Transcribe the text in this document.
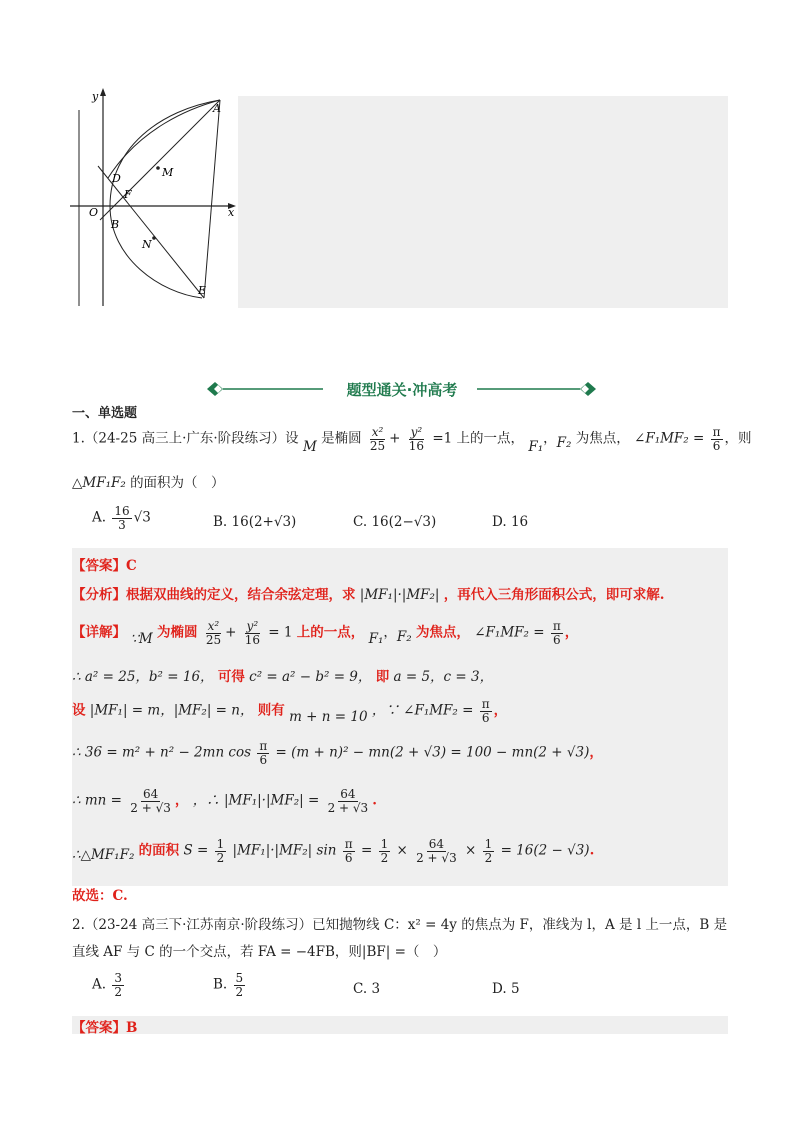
y
x
O
A
D
F
M
B
N
E
题型通关·冲高考
一、单选题
1.（24-25 高三上·广东·阶段练习）设 M 是椭圆 $\frac{\text{x²}}{25} + \frac{\text{y²}}{16} =1$ 上的一点， F₁，F₂ 为焦点， ∠F₁MF₂ = $\frac{\pi}{6}$ ，则
△MF₁F₂ 的面积为（　）
A. $\frac{16}{3} √3$	B. 16(2+√3)	C. 16(2−√3)	D. 16
【答案】C
【分析】根据双曲线的定义，结合余弦定理，求 |MF₁|·|MF₂| ，再代入三角形面积公式，即可求解.
【详解】 ∵M 为椭圆 $\frac{\text{x²}}{25} + \frac{\text{y²}}{16} = 1$ 上的一点， F₁，F₂ 为焦点， ∠F₁MF₂ = $\frac{\pi}{6}$ ，
∴ a² = 25，b² = 16， 可得 c² = a² − b² = 9， 即 a = 5，c = 3，
设 |MF₁| = m，|MF₂| = n， 则有 m + n = 10 ，∵ ∠F₁MF₂ = $\frac{\pi}{6}$ ，
∴ 36 = m² + n² − 2mn $\cos \frac{\pi}{6} = (m + n)^2 - mn(2 + √3) = 100 - mn(2 + √3)$，
∴ mn = $\frac{64}{2 + √3}$ ， ，∴ $|MF_1|\cdot|MF_2| = \frac{64}{2 + √3}$ .
∴△MF₁F₂ 的面积 $S = \frac{1}{2} |MF_1|\cdot|MF_2|$ $\sin \frac{\pi}{6} = \frac{1}{2} \times \frac{64}{2 + √3} \times \frac{1}{2} = 16(2 - √3)$.
故选：C.
2.（23-24 高三下·江苏南京·阶段练习）已知抛物线 C：x² = 4y 的焦点为 F，准线为 l，A 是 l 上一点，B 是
直线 AF 与 C 的一个交点，若 FA = −4FB，则|BF| =（　）
A. $\frac{3}{2}$	B. $\frac{5}{2}$	C. 3	D. 5
【答案】B
